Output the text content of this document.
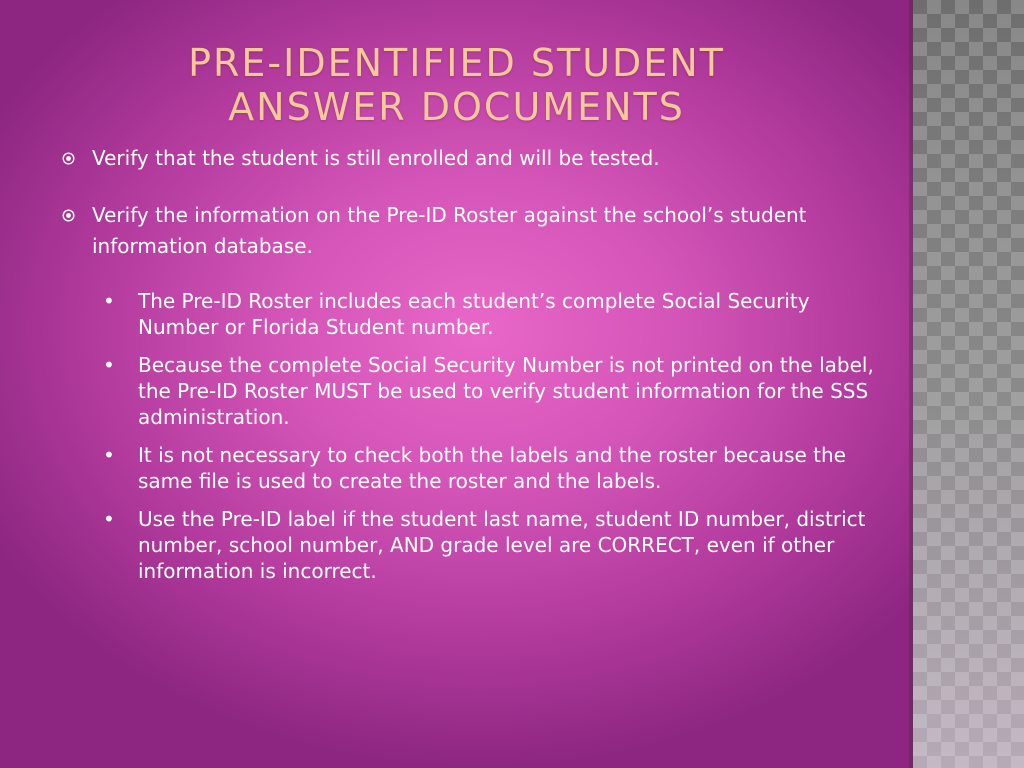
PRE-IDENTIFIED STUDENT
ANSWER DOCUMENTS
Verify that the student is still enrolled and will be tested.
Verify the information on the Pre-ID Roster against the school’s student information database.
• The Pre-ID Roster includes each student’s complete Social Security Number or Florida Student number.
• Because the complete Social Security Number is not printed on the label, the Pre-ID Roster MUST be used to verify student information for the SSS administration.
• It is not necessary to check both the labels and the roster because the same file is used to create the roster and the labels.
• Use the Pre-ID label if the student last name, student ID number, district number, school number, AND grade level are CORRECT, even if other information is incorrect.
